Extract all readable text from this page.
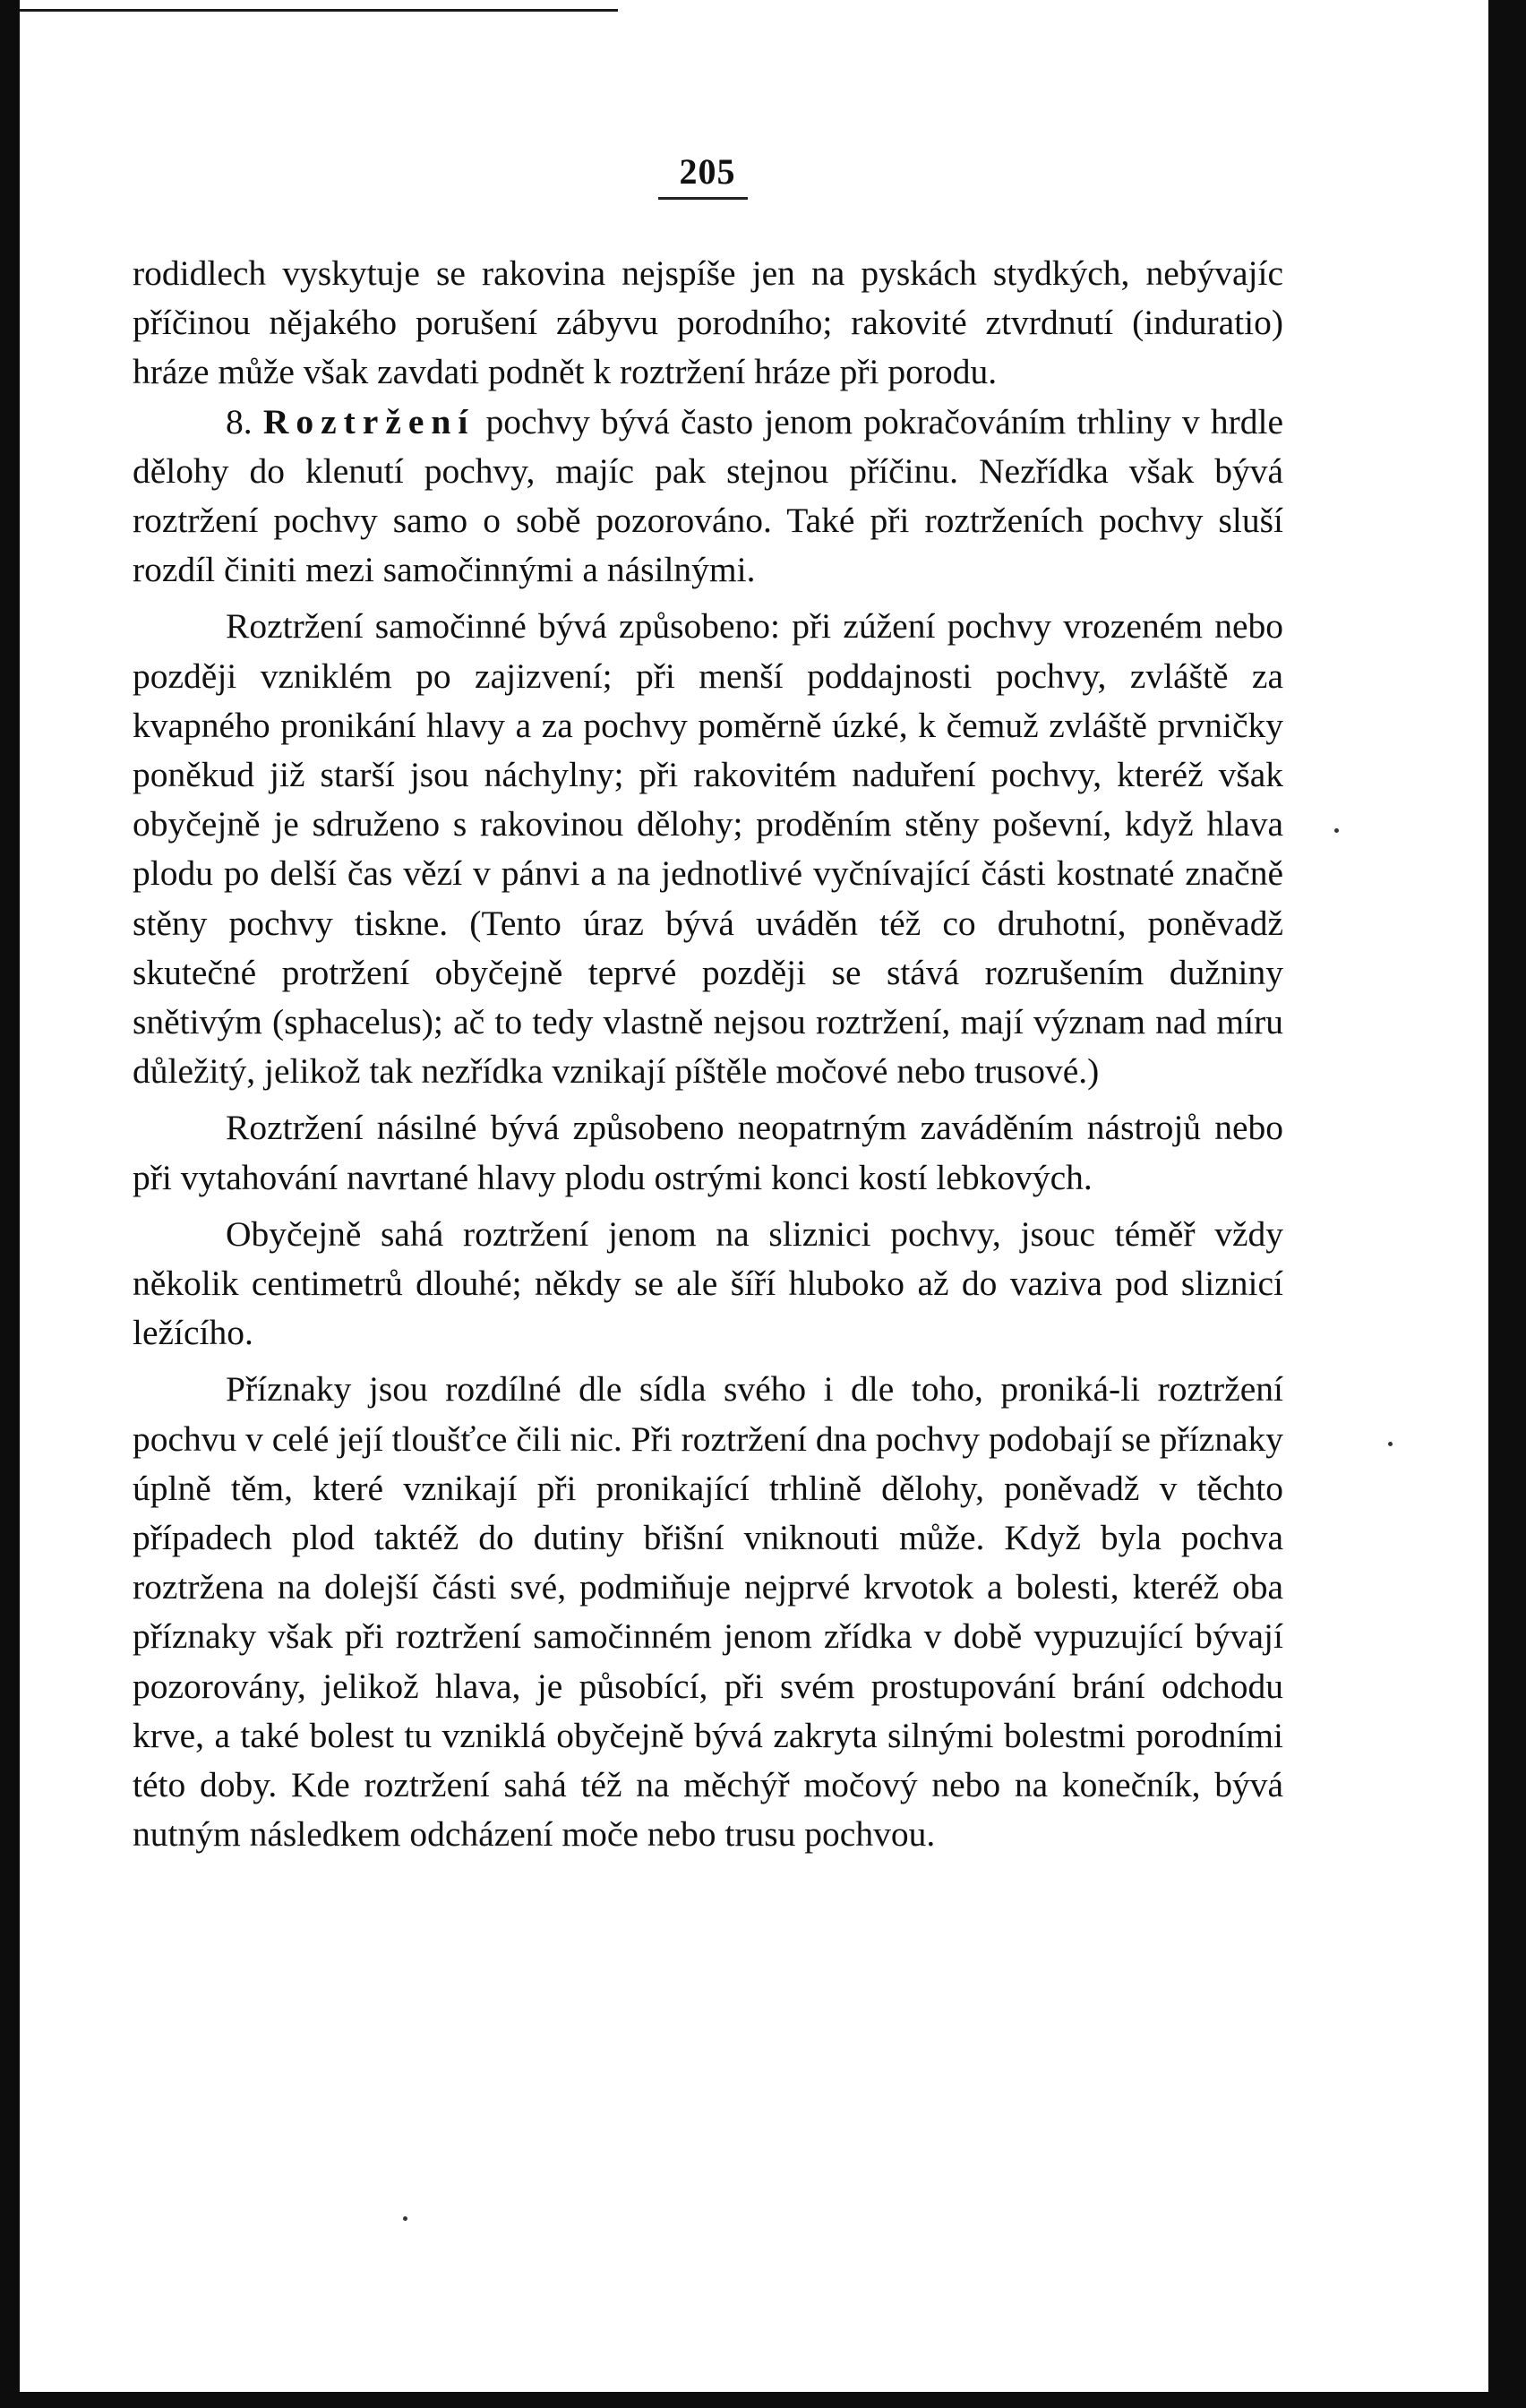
205

rodidlech vyskytuje se rakovina nejspíše jen na pyskách stydkých, nebývajíc příčinou nějakého porušení zábyvu porodního; rakovité ztvrdnutí (induratio) hráze může však zavdati podnět k roztržení hráze při porodu.

8. Roztržení pochvy bývá často jenom pokračováním trhliny v hrdle dělohy do klenutí pochvy, majíc pak stejnou příčinu. Nezřídka však bývá roztržení pochvy samo o sobě pozorováno. Také při roztrženích pochvy sluší rozdíl činiti mezi samočinnými a násilnými.

Roztržení samočinné bývá způsobeno: při zúžení pochvy vrozeném nebo později vzniklém po zajizvení; při menší poddajnosti pochvy, zvláště za kvapného pronikání hlavy a za pochvy poměrně úzké, k čemuž zvláště prvničky poněkud již starší jsou náchylny; při rakovitém naduření pochvy, kteréž však obyčejně je sdruženo s rakovinou dělohy; proděním stěny poševní, když hlava plodu po delší čas vězí v pánvi a na jednotlivé vyčnívající části kostnaté značně stěny pochvy tiskne. (Tento úraz bývá uváděn též co druhotní, poněvadž skutečné protržení obyčejně teprvé později se stává rozrušením dužniny snětivým (sphacelus); ač to tedy vlastně nejsou roztržení, mají význam nad míru důležitý, jelikož tak nezřídka vznikají píštěle močové nebo trusové.)

Roztržení násilné bývá způsobeno neopatrným zaváděním nástrojů nebo při vytahování navrtané hlavy plodu ostrými konci kostí lebkových.

Obyčejně sahá roztržení jenom na sliznici pochvy, jsouc téměř vždy několik centimetrů dlouhé; někdy se ale šíří hluboko až do vaziva pod sliznicí ležícího.

Příznaky jsou rozdílné dle sídla svého i dle toho, proniká-li roztržení pochvu v celé její tloušťce čili nic. Při roztržení dna pochvy podobají se příznaky úplně těm, které vznikají při pronikající trhlině dělohy, poněvadž v těchto případech plod taktéž do dutiny břišní vniknouti může. Když byla pochva roztržena na dolejší části své, podmiňuje nejprvé krvotok a bolesti, kteréž oba příznaky však při roztržení samočinném jenom zřídka v době vypuzující bývají pozorovány, jelikož hlava, je působící, při svém prostupování brání odchodu krve, a také bolest tu vzniklá obyčejně bývá zakryta silnými bolestmi porodními této doby. Kde roztržení sahá též na měchýř močový nebo na konečník, bývá nutným následkem odcházení moče nebo trusu pochvou.
